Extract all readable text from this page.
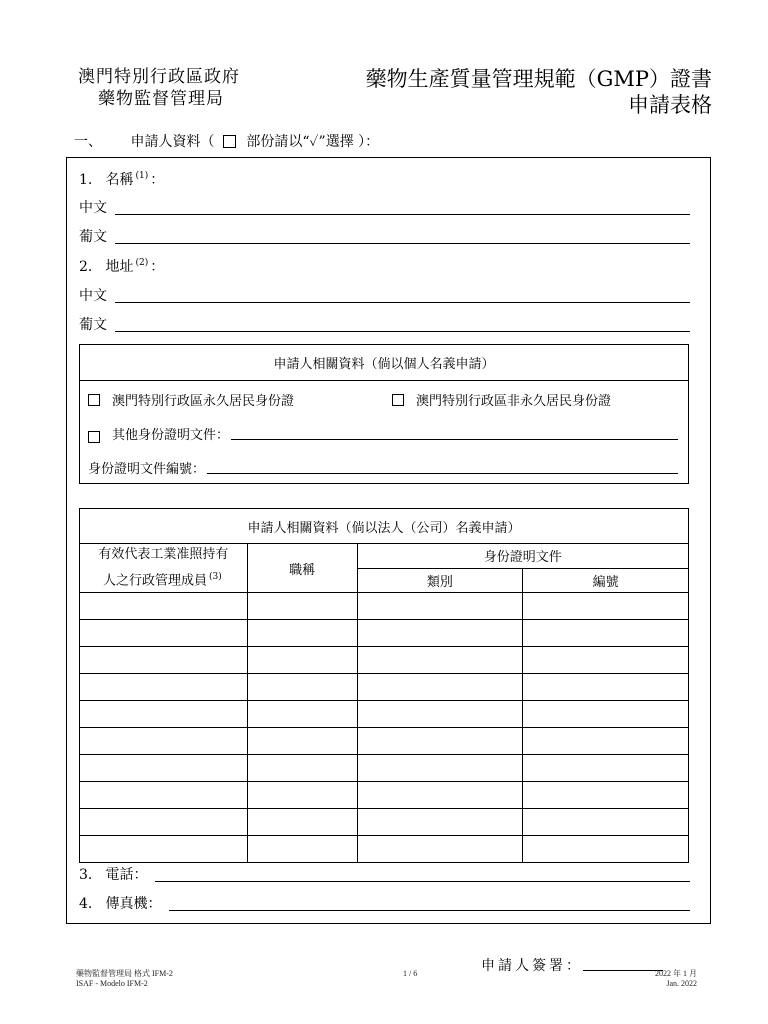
澳門特別行政區政府
藥物監督管理局
藥物生產質量管理規範（GMP）證書
申請表格
一、 申請人資料（ 部份請以“✓”選擇 ）：
1. 名稱 $^{(1)}$ ：
中文
葡文
2. 地址 $^{(2)}$ ：
中文
葡文
申請人相關資料（倘以個人名義申請）
澳門特別行政區永久居民身份證	澳門特別行政區非永久居民身份證
其他身份證明文件：
身份證明文件編號：
申請人相關資料（倘以法人（公司）名義申請）			
有效代表工業准照持有
人之行政管理成員 $^{(3)}$	職稱	身份證明文件	
		類別	編號

3. 電話：
4. 傳真機：
申請人簽署：
藥物監督管理局 格式 IFM-2
ISAF - Modelo IFM-2
1 / 6	2022 年 1 月
Jan. 2022
